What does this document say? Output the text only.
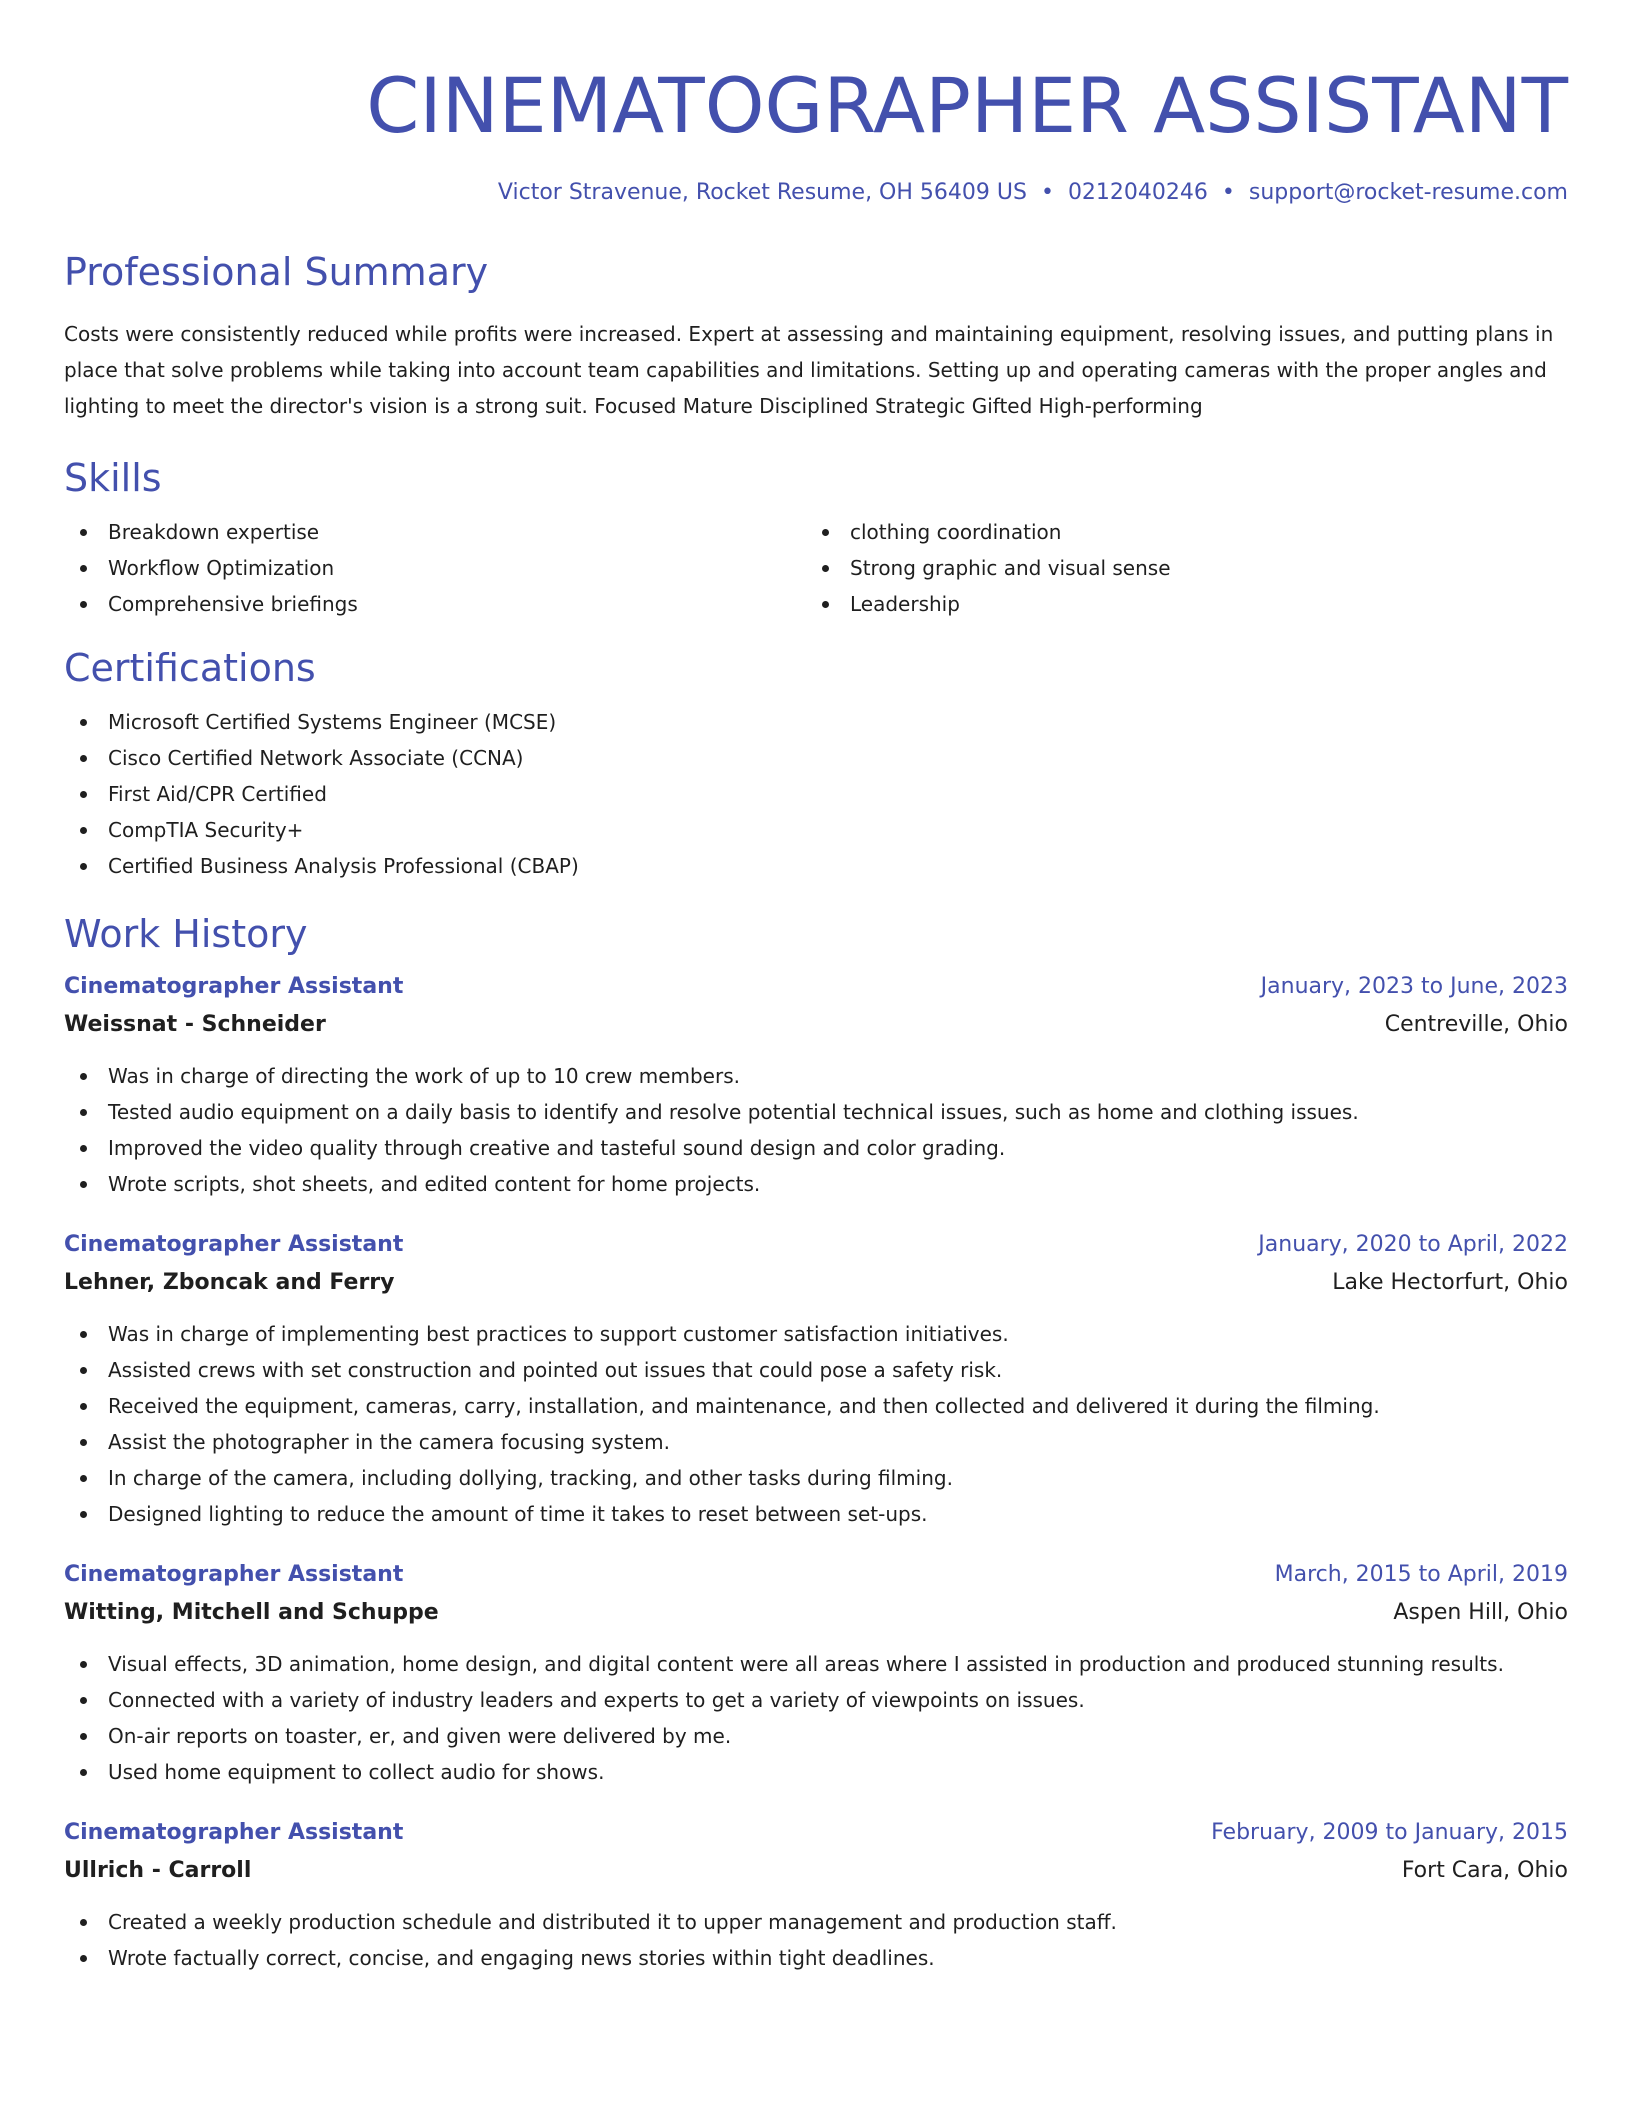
CINEMATOGRAPHER ASSISTANT
Victor Stravenue, Rocket Resume, OH 56409 US • 0212040246 • support@rocket-resume.com
Professional Summary
Costs were consistently reduced while profits were increased. Expert at assessing and maintaining equipment, resolving issues, and putting plans in place that solve problems while taking into account team capabilities and limitations. Setting up and operating cameras with the proper angles and lighting to meet the director's vision is a strong suit. Focused Mature Disciplined Strategic Gifted High-performing
Skills
Breakdown expertise
Workflow Optimization
Comprehensive briefings
clothing coordination
Strong graphic and visual sense
Leadership
Certifications
Microsoft Certified Systems Engineer (MCSE)
Cisco Certified Network Associate (CCNA)
First Aid/CPR Certified
CompTIA Security+
Certified Business Analysis Professional (CBAP)
Work History
Cinematographer Assistant	January, 2023 to June, 2023
Weissnat - Schneider	Centreville, Ohio
Was in charge of directing the work of up to 10 crew members.
Tested audio equipment on a daily basis to identify and resolve potential technical issues, such as home and clothing issues.
Improved the video quality through creative and tasteful sound design and color grading.
Wrote scripts, shot sheets, and edited content for home projects.
Cinematographer Assistant	January, 2020 to April, 2022
Lehner, Zboncak and Ferry	Lake Hectorfurt, Ohio
Was in charge of implementing best practices to support customer satisfaction initiatives.
Assisted crews with set construction and pointed out issues that could pose a safety risk.
Received the equipment, cameras, carry, installation, and maintenance, and then collected and delivered it during the filming.
Assist the photographer in the camera focusing system.
In charge of the camera, including dollying, tracking, and other tasks during filming.
Designed lighting to reduce the amount of time it takes to reset between set-ups.
Cinematographer Assistant	March, 2015 to April, 2019
Witting, Mitchell and Schuppe	Aspen Hill, Ohio
Visual effects, 3D animation, home design, and digital content were all areas where I assisted in production and produced stunning results.
Connected with a variety of industry leaders and experts to get a variety of viewpoints on issues.
On-air reports on toaster, er, and given were delivered by me.
Used home equipment to collect audio for shows.
Cinematographer Assistant	February, 2009 to January, 2015
Ullrich - Carroll	Fort Cara, Ohio
Created a weekly production schedule and distributed it to upper management and production staff.
Wrote factually correct, concise, and engaging news stories within tight deadlines.
